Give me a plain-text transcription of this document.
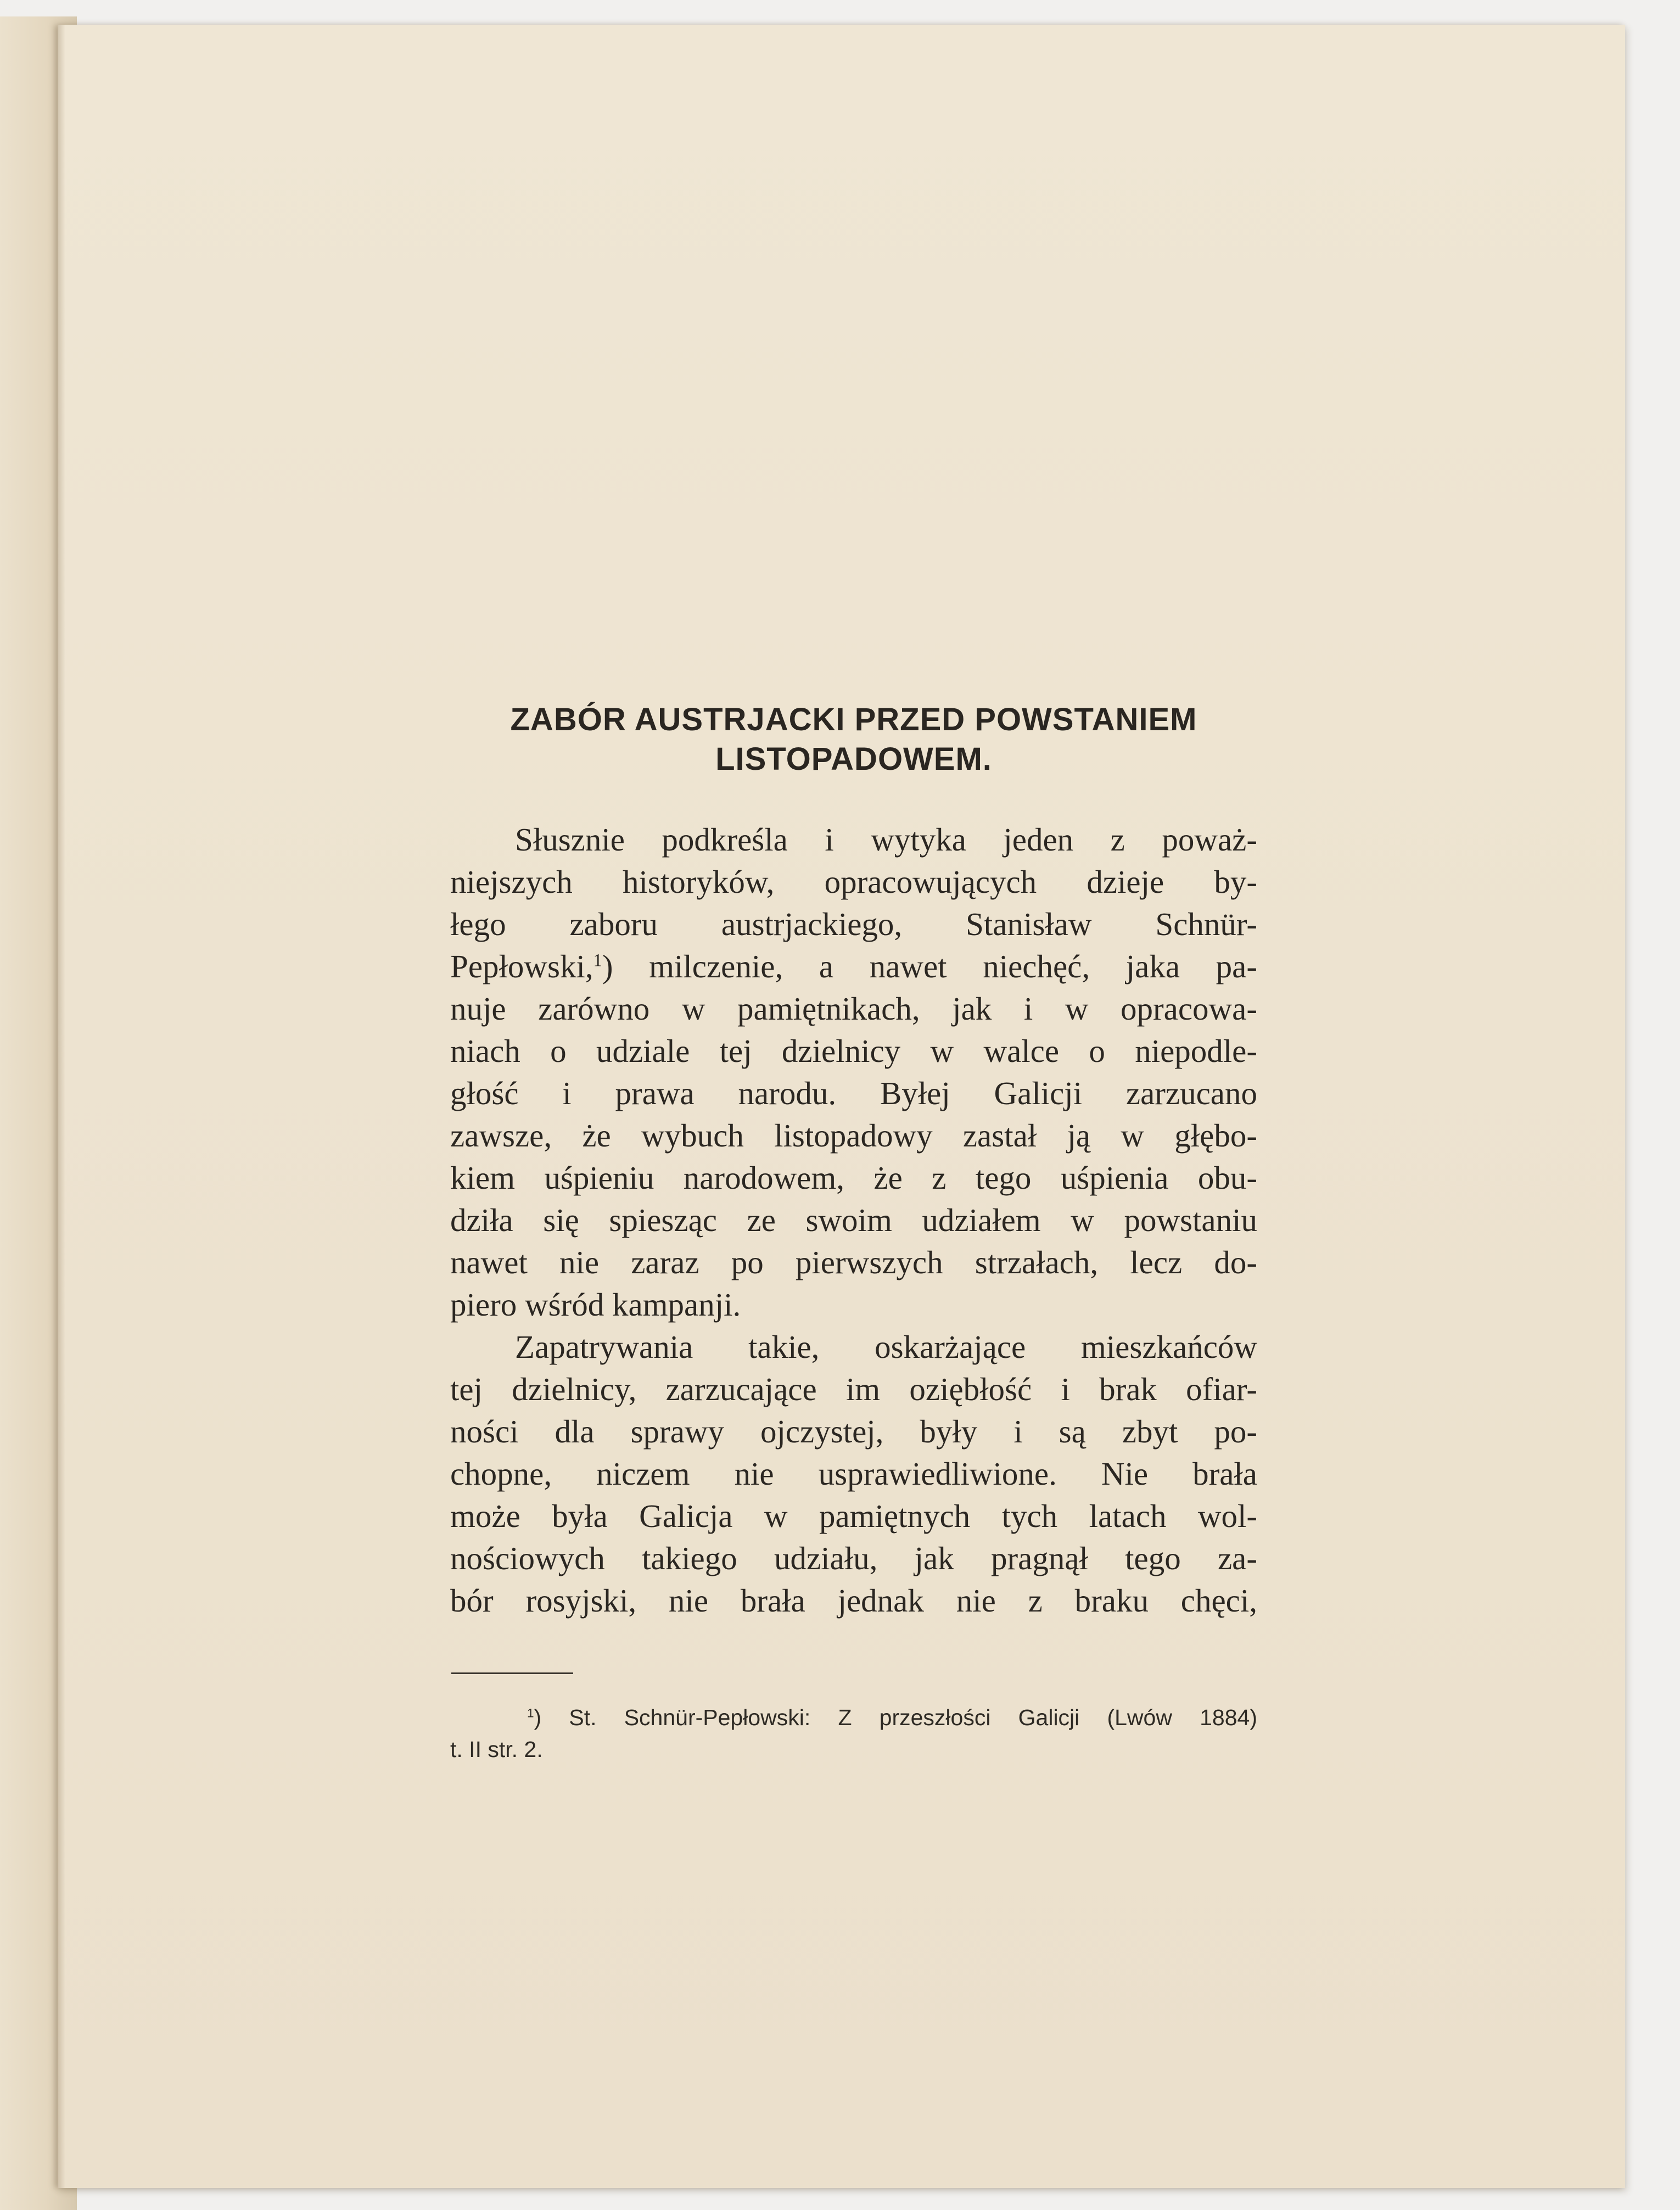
ZABÓR AUSTRJACKI PRZED POWSTANIEM
LISTOPADOWEM.

Słusznie podkreśla i wytyka jeden z poważ-
niejszych historyków, opracowujących dzieje by-
łego zaboru austrjackiego, Stanisław Schnür-
Pepłowski,$^1$) milczenie, a nawet niechęć, jaka pa-
nuje zarówno w pamiętnikach, jak i w opracowa-
niach o udziale tej dzielnicy w walce o niepodle-
głość i prawa narodu. Byłej Galicji zarzucano
zawsze, że wybuch listopadowy zastał ją w głębo-
kiem uśpieniu narodowem, że z tego uśpienia obu-
dziła się spiesząc ze swoim udziałem w powstaniu
nawet nie zaraz po pierwszych strzałach, lecz do-
piero wśród kampanji.

Zapatrywania takie, oskarżające mieszkańców
tej dzielnicy, zarzucające im oziębłość i brak ofiar-
ności dla sprawy ojczystej, były i są zbyt po-
chopne, niczem nie usprawiedliwione. Nie brała
może była Galicja w pamiętnych tych latach wol-
nościowych takiego udziału, jak pragnął tego za-
bór rosyjski, nie brała jednak nie z braku chęci,

$^1$) St. Schnür-Pepłowski: Z przeszłości Galicji (Lwów 1884)
t. II str. 2.
